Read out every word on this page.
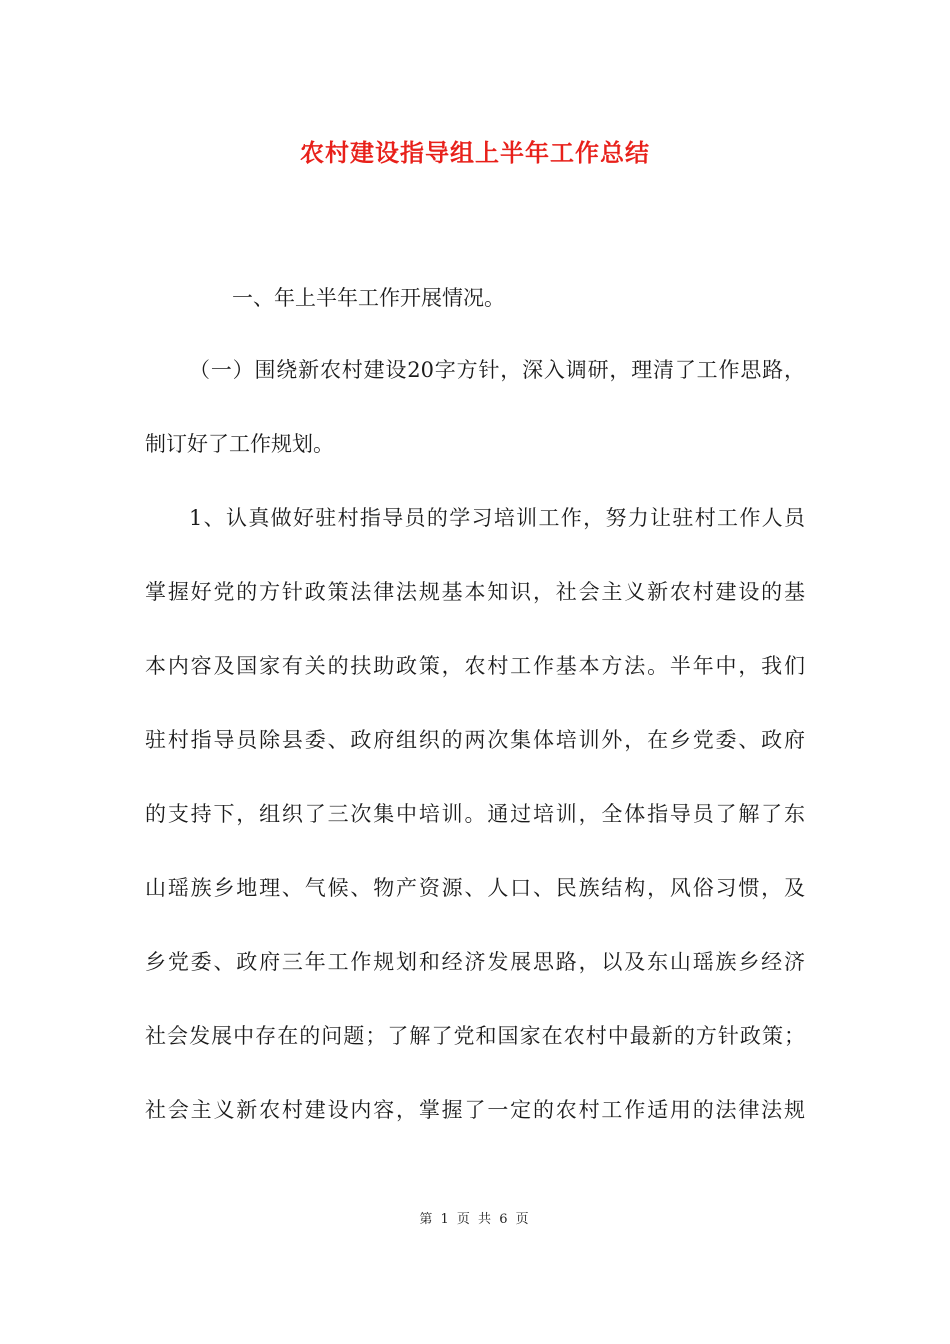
农村建设指导组上半年工作总结
一、年上半年工作开展情况。
（一）围绕新农村建设20字方针，深入调研，理清了工作思路，
制订好了工作规划。
1、认真做好驻村指导员的学习培训工作，努力让驻村工作人员
掌握好党的方针政策法律法规基本知识，社会主义新农村建设的基
本内容及国家有关的扶助政策，农村工作基本方法。半年中，我们
驻村指导员除县委、政府组织的两次集体培训外，在乡党委、政府
的支持下，组织了三次集中培训。通过培训，全体指导员了解了东
山瑶族乡地理、气候、物产资源、人口、民族结构，风俗习惯，及
乡党委、政府三年工作规划和经济发展思路，以及东山瑶族乡经济
社会发展中存在的问题；了解了党和国家在农村中最新的方针政策；
社会主义新农村建设内容，掌握了一定的农村工作适用的法律法规
第 1 页 共 6 页
